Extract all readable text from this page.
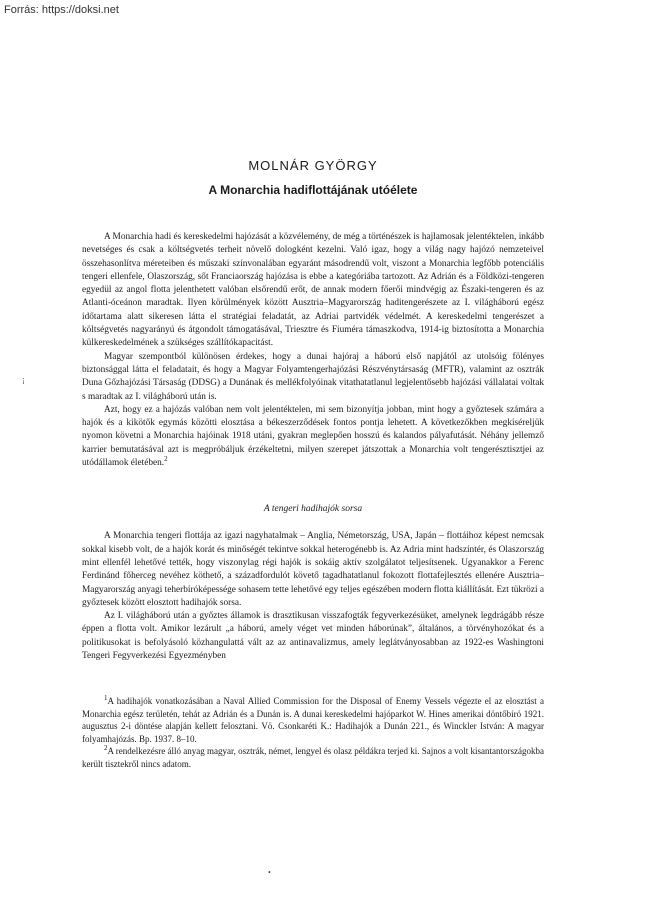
Forrás: https://doksi.net
¡
MOLNÁR GYÖRGY
A Monarchia hadiflottájának utóélete

A Monarchia hadi és kereskedelmi hajózását a közvélemény, de még a történészek is hajlamosak jelentéktelen, inkább nevetséges és csak a költségvetés terheit növelő dologként kezelni. Való igaz, hogy a világ nagy hajózó nemzeteivel összehasonlítva méreteiben és műszaki színvonalában egyaránt másodrendű volt, viszont a Monarchia legfőbb potenciális tengeri ellenfele, Olaszország, sőt Franciaország hajózása is ebbe a kategóriába tartozott. Az Adrián és a Földközi-tengeren egyedül az angol flotta jelenthetett valóban elsőrendű erőt, de annak modern főerői mindvégig az Északi-tengeren és az Atlanti-óceánon maradtak. Ilyen körülmények között Ausztria–Magyarország haditengerészete az I. világháború egész időtartama alatt sikeresen látta el stratégiai feladatát, az Adriai partvidék védelmét. A kereskedelmi tengerészet a költségvetés nagyarányú és átgondolt támogatásával, Triesztre és Fiuméra támaszkodva, 1914-ig biztosította a Monarchia külkereskedelmének a szükséges szállítókapacitást.

Magyar szempontból különösen érdekes, hogy a dunai hajóraj a háború első napjától az utolsóig fölényes biztonsággal látta el feladatait, és hogy a Magyar Folyamtengerhajózási Részvénytársaság (MFTR), valamint az osztrák Duna Gőzhajózási Társaság (DDSG) a Dunának és mellékfolyóinak vitathatatlanul legjelentősebb hajózási vállalatai voltak s maradtak az I. világháború után is.

Azt, hogy ez a hajózás valóban nem volt jelentéktelen, mi sem bizonyítja jobban, mint hogy a győztesek számára a hajók és a kikötők egymás közötti elosztása a békeszerződések fontos pontja lehetett. A következőkben megkíséreljük nyomon követni a Monarchia hajóinak 1918 utáni, gyakran meglepően hosszú és kalandos pályafutását. Néhány jellemző karrier bemutatásával azt is megpróbáljuk érzékeltetni, milyen szerepet játszottak a Monarchia volt tengerésztisztjei az utódállamok életében.$^2$

A tengeri hadihajók sorsa

A Monarchia tengeri flottája az igazi nagyhatalmak – Anglia, Németország, USA, Japán – flottáihoz képest nemcsak sokkal kisebb volt, de a hajók korát és minőségét tekintve sokkal heterogénebb is. Az Adria mint hadszíntér, és Olaszország mint ellenfél lehetővé tették, hogy viszonylag régi hajók is sokáig aktív szolgálatot teljesítsenek. Ugyanakkor a Ferenc Ferdinánd főherceg nevéhez köthető, a századfordulót követő tagadhatatlanul fokozott flottafejlesztés ellenére Ausztria–Magyarország anyagi teherbíróképessége sohasem tette lehetővé egy teljes egészében modern flotta kiállítását. Ezt tükrözi a győztesek között elosztott hadihajók sorsa.

Az I. világháború után a győztes államok is drasztikusan visszafogták fegyverkezésüket, amelynek legdrágább része éppen a flotta volt. Amikor lezárult „a háború, amely véget vet minden háborúnak”, általános, a törvényhozókat és a politikusokat is befolyásoló közhangulattá vált az az antinavalizmus, amely leglátványosabban az 1922-es Washingtoni Tengeri Fegyverkezési Egyezményben

$^1$A hadihajók vonatkozásában a Naval Allied Commission for the Disposal of Enemy Vessels végezte el az elosztást a Monarchia egész területén, tehát az Adrián és a Dunán is. A dunai kereskedelmi hajóparkot W. Hines amerikai döntőbíró 1921. augusztus 2-i döntése alapján kellett felosztani. Vö. Csonkaréti K.: Hadihajók a Dunán 221., és Winckler István: A magyar folyamhajózás. Bp. 1937. 8–10.

$^2$A rendelkezésre álló anyag magyar, osztrák, német, lengyel és olasz példákra terjed ki. Sajnos a volt kisantantországokba került tisztekről nincs adatom.

•
